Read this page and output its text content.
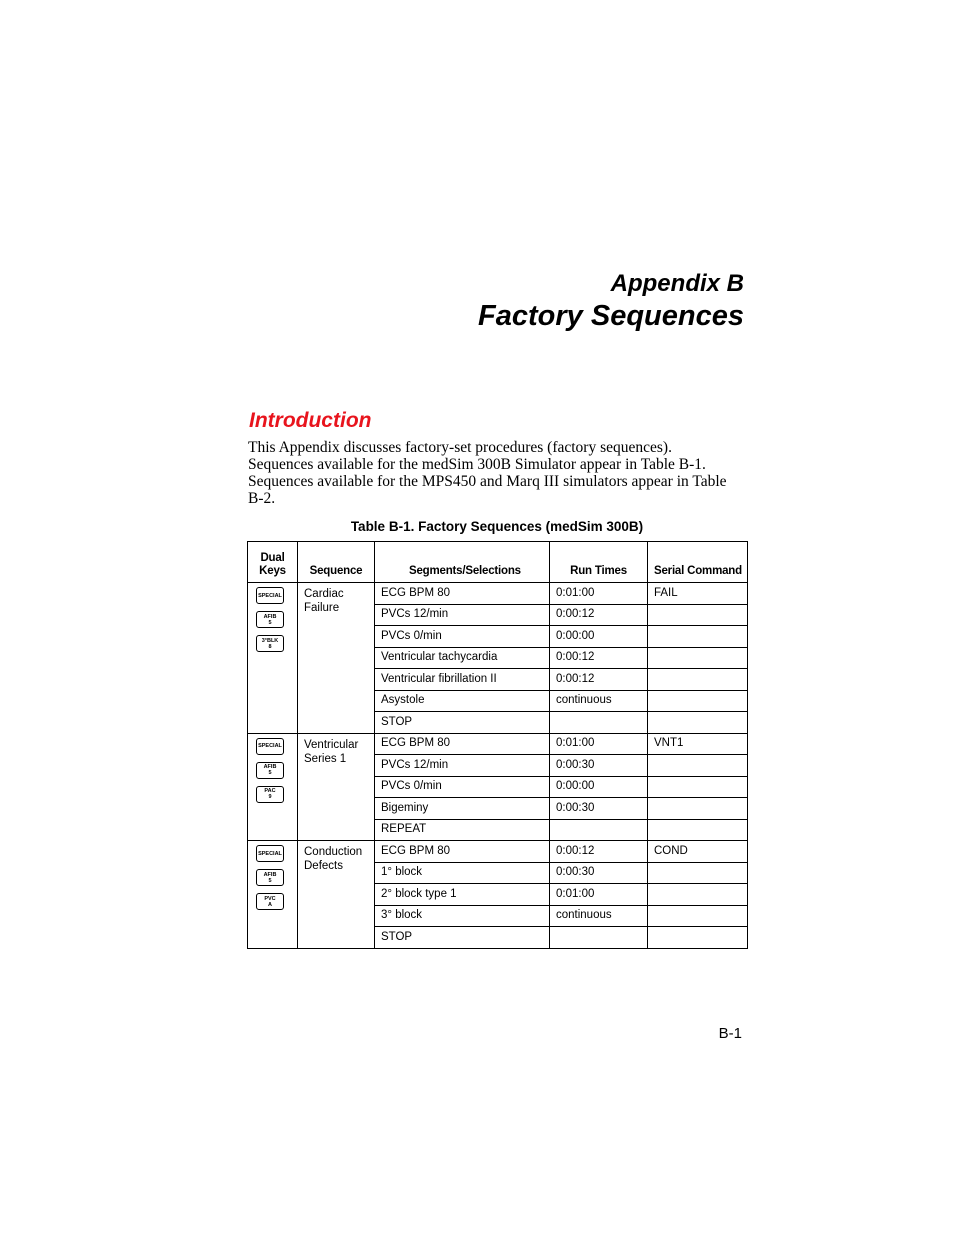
Appendix B
Factory Sequences
Introduction
This Appendix discusses factory-set procedures (factory sequences).
Sequences available for the medSim 300B Simulator appear in Table B-1.
Sequences available for the MPS450 and Marq III simulators appear in Table
B-2.
Table B-1. Factory Sequences (medSim 300B)
Dual Keys	Sequence	Segments/Selections	Run Times	Serial Command

SPECIAL
AFIB
5
3°BLK
8	Cardiac Failure	ECG BPM 80	0:01:00	FAIL
		PVCs 12/min	0:00:12	
		PVCs 0/min	0:00:00	
		Ventricular tachycardia	0:00:12	
		Ventricular fibrillation II	0:00:12	
		Asystole	continuous	
		STOP		

SPECIAL
AFIB
5
PAC
9	Ventricular Series 1	ECG BPM 80	0:01:00	VNT1
		PVCs 12/min	0:00:30	
		PVCs 0/min	0:00:00	
		Bigeminy	0:00:30	
		REPEAT		

SPECIAL
AFIB
5
PVC
A	Conduction Defects	ECG BPM 80	0:00:12	COND
		1° block	0:00:30	
		2° block type 1	0:01:00	
		3° block	continuous	
		STOP		
B-1
